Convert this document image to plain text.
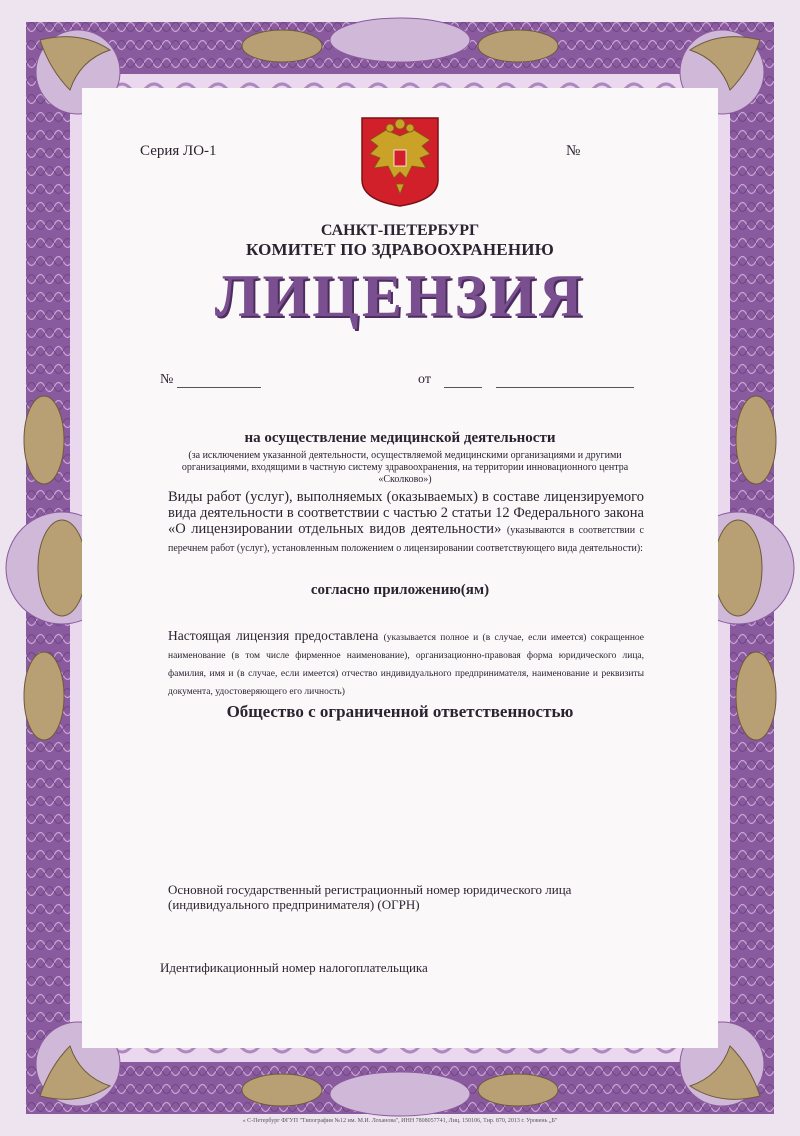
Серия ЛО-1	№

САНКТ-ПЕТЕРБУРГ

КОМИТЕТ ПО ЗДРАВООХРАНЕНИЮ

ЛИЦЕНЗИЯ

№	от

на осуществление медицинской деятельности

(за исключением указанной деятельности, осуществляемой медицинскими организациями и другими организациями, входящими в частную систему здравоохранения, на территории инновационного центра «Сколково»)

Виды работ (услуг), выполняемых (оказываемых) в составе лицензируемого вида деятельности в соответствии с частью 2 статьи 12 Федерального закона «О лицензировании отдельных видов деятельности» (указываются в соответствии с перечнем работ (услуг), установленным положением о лицензировании соответствующего вида деятельности):

согласно приложению(ям)

Настоящая лицензия предоставлена (указывается полное и (в случае, если имеется) сокращенное наименование (в том числе фирменное наименование), организационно-правовая форма юридического лица, фамилия, имя и (в случае, если имеется) отчество индивидуального предпринимателя, наименование и реквизиты документа, удостоверяющего его личность)

Общество с ограниченной ответственностью

Основной государственный регистрационный номер юридического лица (индивидуального предпринимателя) (ОГРН)

Идентификационный номер налогоплательщика

« С-Петербург ФГУП "Типография №12 им. М.И. Лоханова", ИНН 7808057741, Лиц. 150106, Тир. 870, 2013 г. Уровень „Б"
